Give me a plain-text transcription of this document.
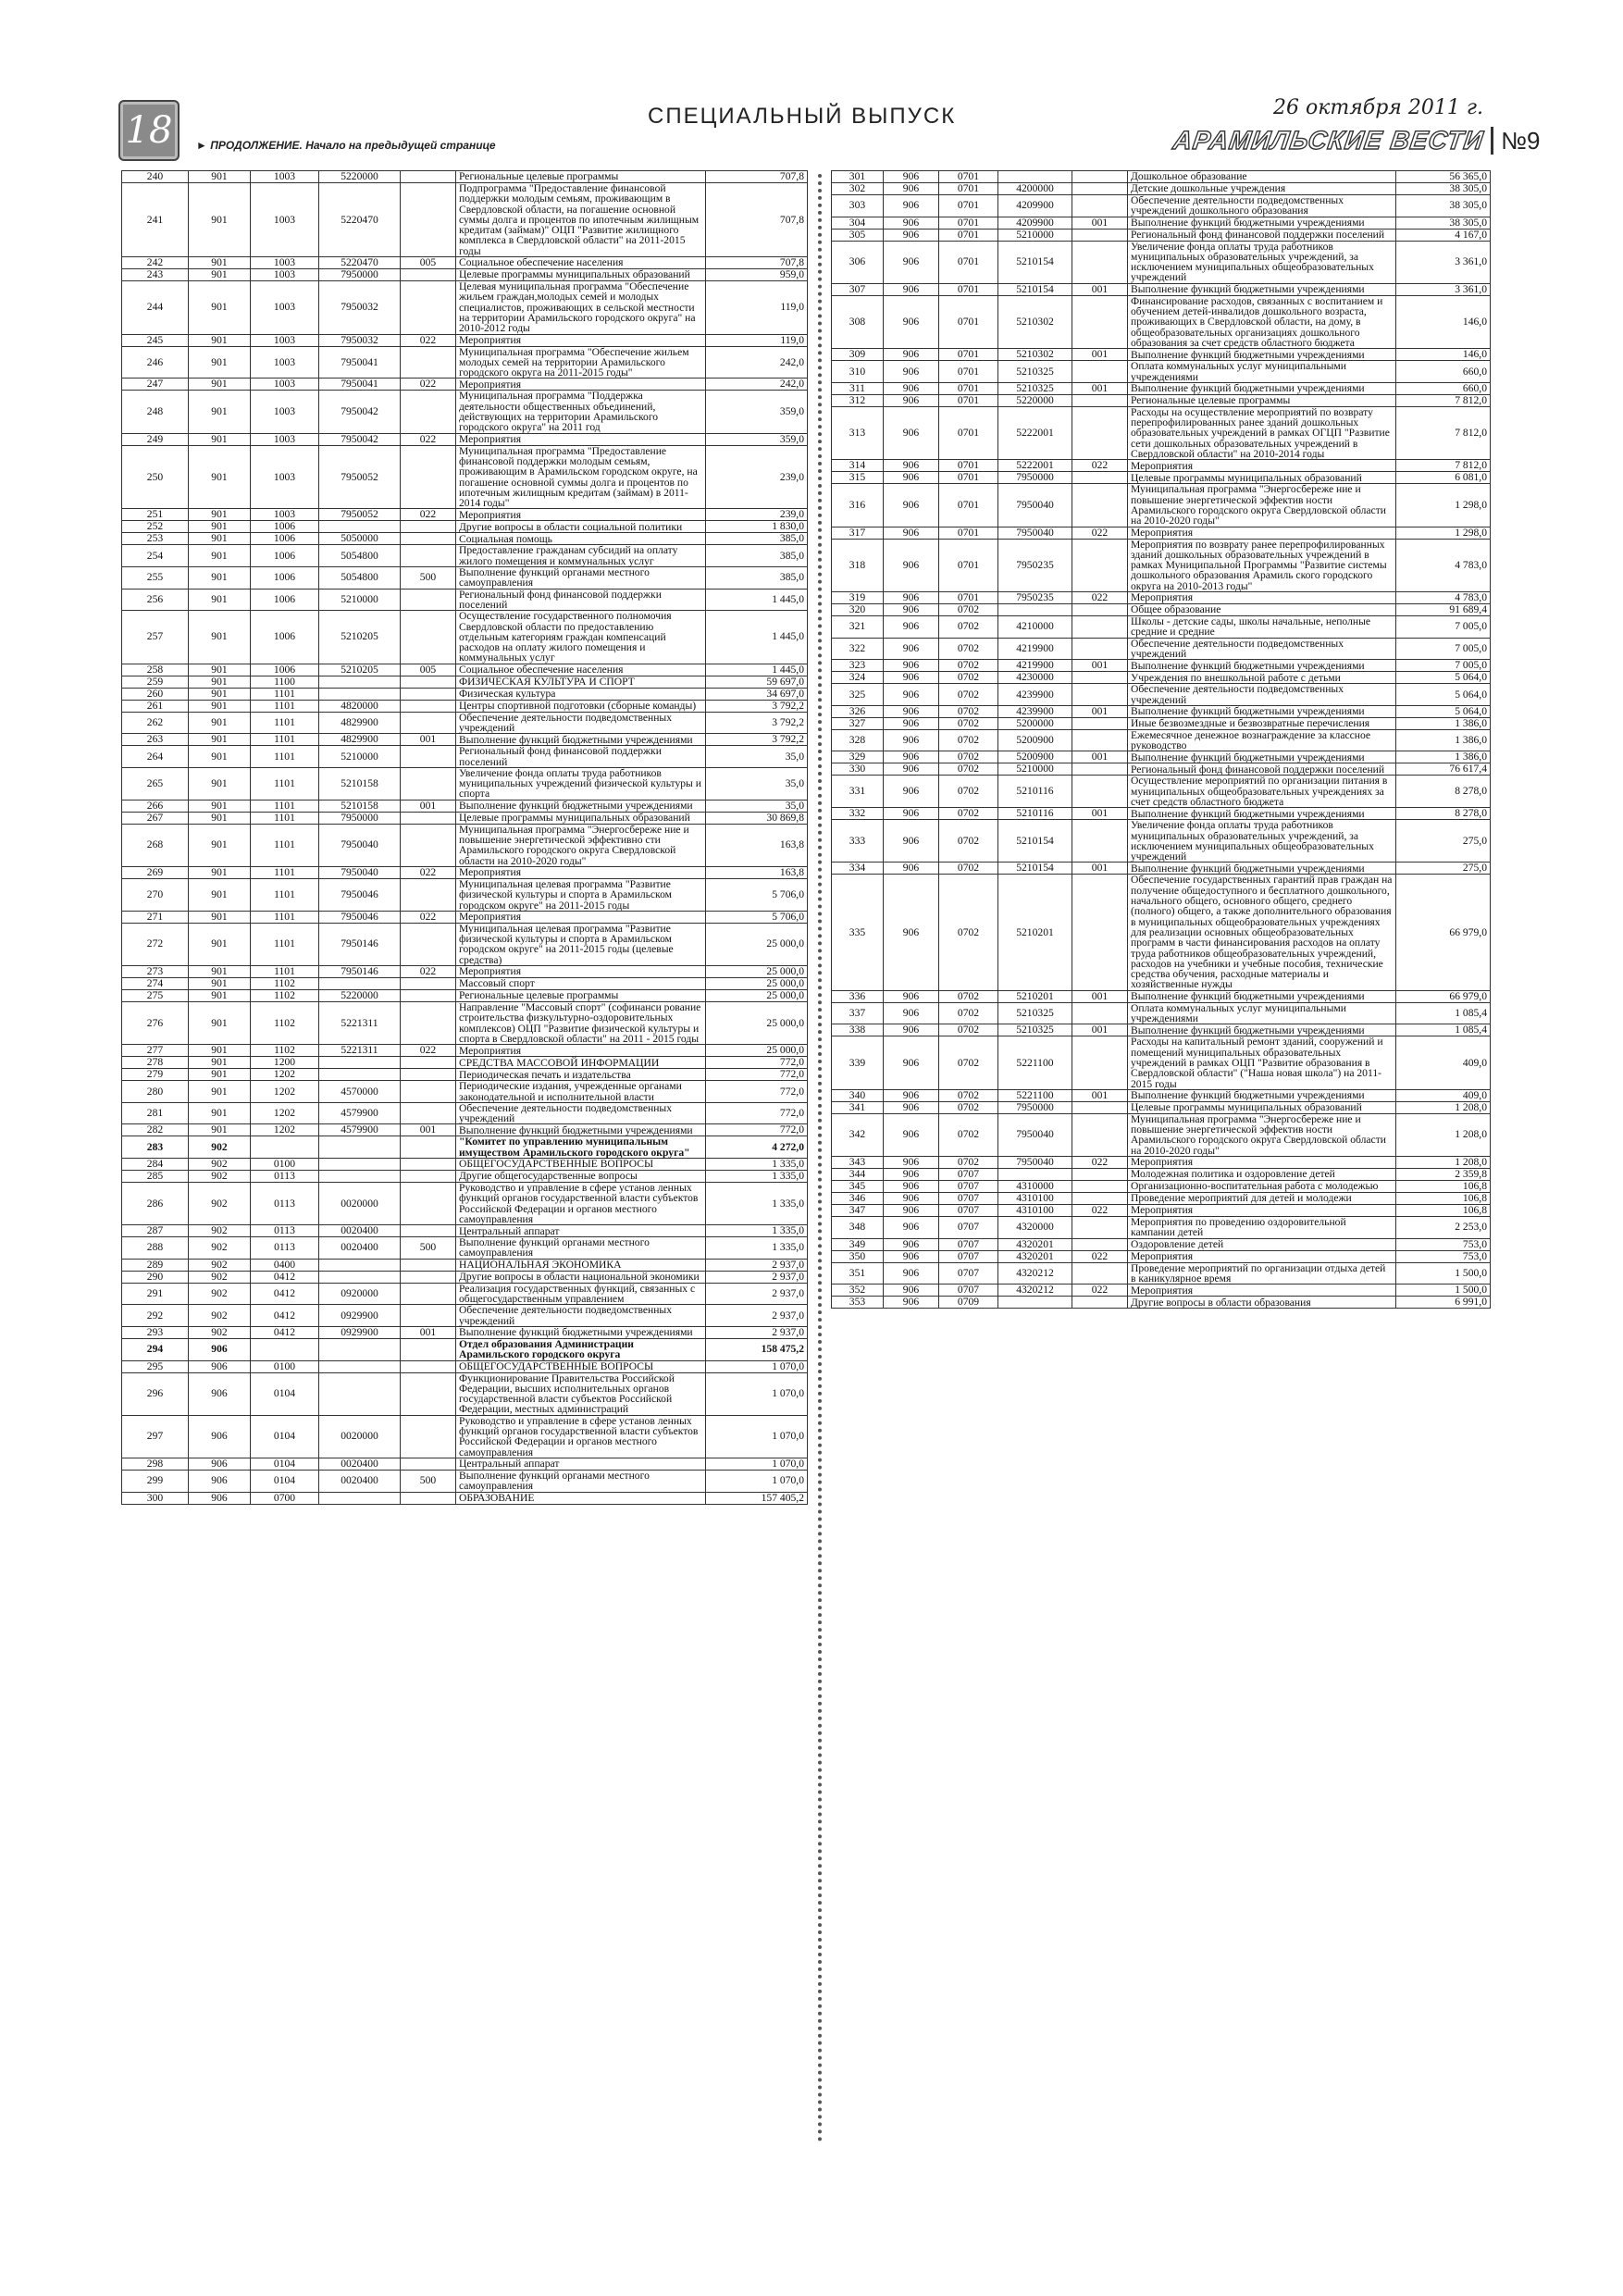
18	► ПРОДОЛЖЕНИЕ. Начало на предыдущей странице
СПЕЦИАЛЬНЫЙ ВЫПУСК	26 октября 2011 г.
АРАМИЛЬСКИЕ ВЕСТИ №9
240	901	1003	5220000		Региональные целевые программы	707,8
241	901	1003	5220470		Подпрограмма "Предоставление финансовой поддержки молодым семьям, проживающим в Свердловской области, на погашение основной суммы долга и процентов по ипотечным жилищным кредитам (займам)" ОЦП "Развитие жилищного комплекса в Свердловской области" на 2011-2015 годы	707,8
242	901	1003	5220470	005	Социальное обеспечение населения	707,8
243	901	1003	7950000		Целевые программы муниципальных образований	959,0
244	901	1003	7950032		Целевая муниципальная программа "Обеспечение жильем граждан,молодых семей и молодых специалистов, проживающих в сельской местности на территории Арамильского городского округа" на 2010-2012 годы	119,0
245	901	1003	7950032	022	Мероприятия	119,0
246	901	1003	7950041		Муниципальная программа "Обеспечение жильем молодых семей на территории Арамильского городского округа на 2011-2015 годы"	242,0
247	901	1003	7950041	022	Мероприятия	242,0
248	901	1003	7950042		Муниципальная программа "Поддержка деятельности общественных объединений, действующих на территории Арамильского городского округа" на 2011 год	359,0
249	901	1003	7950042	022	Мероприятия	359,0
250	901	1003	7950052		Муниципальная программа "Предоставление финансовой поддержки молодым семьям, проживающим в Арамильском городском округе, на погашение основной суммы долга и процентов по ипотечным жилищным кредитам (займам) в 2011-2014 годы"	239,0
251	901	1003	7950052	022	Мероприятия	239,0
252	901	1006			Другие вопросы в области социальной политики	1 830,0
253	901	1006	5050000		Социальная помощь	385,0
254	901	1006	5054800		Предоставление гражданам субсидий на оплату жилого помещения и коммунальных услуг	385,0
255	901	1006	5054800	500	Выполнение функций органами местного самоуправления	385,0
256	901	1006	5210000		Региональный фонд финансовой поддержки поселений	1 445,0
257	901	1006	5210205		Осуществление государственного полномочия Свердловской области по предоставлению отдельным категориям граждан компенсаций расходов на оплату жилого помещения и коммунальных услуг	1 445,0
258	901	1006	5210205	005	Социальное обеспечение населения	1 445,0
259	901	1100			ФИЗИЧЕСКАЯ КУЛЬТУРА И СПОРТ	59 697,0
260	901	1101			Физическая культура	34 697,0
261	901	1101	4820000		Центры спортивной подготовки (сборные команды)	3 792,2
262	901	1101	4829900		Обеспечение деятельности подведомственных учреждений	3 792,2
263	901	1101	4829900	001	Выполнение функций бюджетными учреждениями	3 792,2
264	901	1101	5210000		Региональный фонд финансовой поддержки поселений	35,0
265	901	1101	5210158		Увеличение фонда оплаты труда работников муниципальных учреждений физической культуры и спорта	35,0
266	901	1101	5210158	001	Выполнение функций бюджетными учреждениями	35,0
267	901	1101	7950000		Целевые программы муниципальных образований	30 869,8
268	901	1101	7950040		Муниципальная программа "Энергосбереже ние и повышение энергетической эффективно сти Арамильского городского округа Свердловской области на 2010-2020 годы"	163,8
269	901	1101	7950040	022	Мероприятия	163,8
270	901	1101	7950046		Муниципальная целевая программа "Развитие физической культуры и спорта в Арамильском городском округе" на 2011-2015 годы	5 706,0
271	901	1101	7950046	022	Мероприятия	5 706,0
272	901	1101	7950146		Муниципальная целевая программа "Развитие физической культуры и спорта в Арамильском городском округе" на 2011-2015 годы (целевые средства)	25 000,0
273	901	1101	7950146	022	Мероприятия	25 000,0
274	901	1102			Массовый спорт	25 000,0
275	901	1102	5220000		Региональные целевые программы	25 000,0
276	901	1102	5221311		Направление "Массовый спорт" (софинанси рование строительства физкультурно-оздоровительных комплексов) ОЦП "Развитие физической культуры и спорта в Свердловской области" на 2011 - 2015 годы	25 000,0
277	901	1102	5221311	022	Мероприятия	25 000,0
278	901	1200			СРЕДСТВА МАССОВОЙ ИНФОРМАЦИИ	772,0
279	901	1202			Периодическая печать и издательства	772,0
280	901	1202	4570000		Периодические издания, учрежденные органами законодательной и исполнительной власти	772,0
281	901	1202	4579900		Обеспечение деятельности подведомственных учреждений	772,0
282	901	1202	4579900	001	Выполнение функций бюджетными учреждениями	772,0
283	902				"Комитет по управлению муниципальным имуществом Арамильского городского округа"	4 272,0
284	902	0100			ОБЩЕГОСУДАРСТВЕННЫЕ ВОПРОСЫ	1 335,0
285	902	0113			Другие общегосударственные вопросы	1 335,0
286	902	0113	0020000		Руководство и управление в сфере установ ленных функций органов государственной власти субъектов Российской Федерации и органов местного самоуправления	1 335,0
287	902	0113	0020400		Центральный аппарат	1 335,0
288	902	0113	0020400	500	Выполнение функций органами местного самоуправления	1 335,0
289	902	0400			НАЦИОНАЛЬНАЯ ЭКОНОМИКА	2 937,0
290	902	0412			Другие вопросы в области национальной экономики	2 937,0
291	902	0412	0920000		Реализация государственных функций, связанных с общегосударственным управлением	2 937,0
292	902	0412	0929900		Обеспечение деятельности подведомственных учреждений	2 937,0
293	902	0412	0929900	001	Выполнение функций бюджетными учреждениями	2 937,0
294	906				Отдел образования Администрации Арамильского городского округа	158 475,2
295	906	0100			ОБЩЕГОСУДАРСТВЕННЫЕ ВОПРОСЫ	1 070,0
296	906	0104			Функционирование Правительства Российской Федерации, высших исполнительных органов государственной власти субъектов Российской Федерации, местных администраций	1 070,0
297	906	0104	0020000		Руководство и управление в сфере установ ленных функций органов государственной власти субъектов Российской Федерации и органов местного самоуправления	1 070,0
298	906	0104	0020400		Центральный аппарат	1 070,0
299	906	0104	0020400	500	Выполнение функций органами местного самоуправления	1 070,0
300	906	0700			ОБРАЗОВАНИЕ	157 405,2
301	906	0701			Дошкольное образование	56 365,0
302	906	0701	4200000		Детские дошкольные учреждения	38 305,0
303	906	0701	4209900		Обеспечение деятельности подведомственных учреждений дошкольного образования	38 305,0
304	906	0701	4209900	001	Выполнение функций бюджетными учреждениями	38 305,0
305	906	0701	5210000		Региональный фонд финансовой поддержки поселений	4 167,0
306	906	0701	5210154		Увеличение фонда оплаты труда работников муниципальных образовательных учреждений, за исключением муниципальных общеобразовательных учреждений	3 361,0
307	906	0701	5210154	001	Выполнение функций бюджетными учреждениями	3 361,0
308	906	0701	5210302		Финансирование расходов, связанных с воспитанием и обучением детей-инвалидов дошкольного возраста, проживающих в Свердловской области, на дому, в общеобразовательных организациях дошкольного образования за счет средств областного бюджета	146,0
309	906	0701	5210302	001	Выполнение функций бюджетными учреждениями	146,0
310	906	0701	5210325		Оплата коммунальных услуг муниципальными учреждениями	660,0
311	906	0701	5210325	001	Выполнение функций бюджетными учреждениями	660,0
312	906	0701	5220000		Региональные целевые программы	7 812,0
313	906	0701	5222001		Расходы на осуществление мероприятий по возврату перепрофилированных ранее зданий дошкольных образовательных учреждений в рамках ОГЦП "Развитие сети дошкольных образовательных учреждений в Свердловской области" на 2010-2014 годы	7 812,0
314	906	0701	5222001	022	Мероприятия	7 812,0
315	906	0701	7950000		Целевые программы муниципальных образований	6 081,0
316	906	0701	7950040		Муниципальная программа "Энергосбереже ние и повышение энергетической эффектив ности Арамильского городского округа Свердловской области на 2010-2020 годы"	1 298,0
317	906	0701	7950040	022	Мероприятия	1 298,0
318	906	0701	7950235		Мероприятия по возврату ранее перепрофилированных зданий дошкольных образовательных учреждений в рамках Муниципальной Программы "Развитие системы дошкольного образования Арамиль ского городского округа на 2010-2013 годы"	4 783,0
319	906	0701	7950235	022	Мероприятия	4 783,0
320	906	0702			Общее образование	91 689,4
321	906	0702	4210000		Школы - детские сады, школы начальные, неполные средние и средние	7 005,0
322	906	0702	4219900		Обеспечение деятельности подведомственных учреждений	7 005,0
323	906	0702	4219900	001	Выполнение функций бюджетными учреждениями	7 005,0
324	906	0702	4230000		Учреждения по внешкольной работе с детьми	5 064,0
325	906	0702	4239900		Обеспечение деятельности подведомственных учреждений	5 064,0
326	906	0702	4239900	001	Выполнение функций бюджетными учреждениями	5 064,0
327	906	0702	5200000		Иные безвозмездные и безвозвратные перечисления	1 386,0
328	906	0702	5200900		Ежемесячное денежное вознаграждение за классное руководство	1 386,0
329	906	0702	5200900	001	Выполнение функций бюджетными учреждениями	1 386,0
330	906	0702	5210000		Региональный фонд финансовой поддержки поселений	76 617,4
331	906	0702	5210116		Осуществление мероприятий по организации питания в муниципальных общеобразовательных учреждениях за счет средств областного бюджета	8 278,0
332	906	0702	5210116	001	Выполнение функций бюджетными учреждениями	8 278,0
333	906	0702	5210154		Увеличение фонда оплаты труда работников муниципальных образовательных учреждений, за исключением муниципальных общеобразовательных учреждений	275,0
334	906	0702	5210154	001	Выполнение функций бюджетными учреждениями	275,0
335	906	0702	5210201		Обеспечение государственных гарантий прав граждан на получение общедоступного и бесплатного дошкольного, начального общего, основного общего, среднего (полного) общего, а также дополнительного образования в муниципальных общеобразовательных учреждениях для реализации основных общеобразовательных программ в части финансирования расходов на оплату труда работников общеобразовательных учреждений, расходов на учебники и учебные пособия, технические средства обучения, расходные материалы и хозяйственные нужды	66 979,0
336	906	0702	5210201	001	Выполнение функций бюджетными учреждениями	66 979,0
337	906	0702	5210325		Оплата коммунальных услуг муниципальными учреждениями	1 085,4
338	906	0702	5210325	001	Выполнение функций бюджетными учреждениями	1 085,4
339	906	0702	5221100		Расходы на капитальный ремонт зданий, сооружений и помещений муниципальных образовательных учреждений в рамках ОЦП "Развитие образования в Свердловской области" ("Наша новая школа") на 2011-2015 годы	409,0
340	906	0702	5221100	001	Выполнение функций бюджетными учреждениями	409,0
341	906	0702	7950000		Целевые программы муниципальных образований	1 208,0
342	906	0702	7950040		Муниципальная программа "Энергосбереже ние и повышение энергетической эффектив ности Арамильского городского округа Свердловской области на 2010-2020 годы"	1 208,0
343	906	0702	7950040	022	Мероприятия	1 208,0
344	906	0707			Молодежная политика и оздоровление детей	2 359,8
345	906	0707	4310000		Организационно-воспитательная работа с молодежью	106,8
346	906	0707	4310100		Проведение мероприятий для детей и молодежи	106,8
347	906	0707	4310100	022	Мероприятия	106,8
348	906	0707	4320000		Мероприятия по проведению оздоровительной кампании детей	2 253,0
349	906	0707	4320201		Оздоровление детей	753,0
350	906	0707	4320201	022	Мероприятия	753,0
351	906	0707	4320212		Проведение мероприятий по организации отдыха детей в каникулярное время	1 500,0
352	906	0707	4320212	022	Мероприятия	1 500,0
353	906	0709			Другие вопросы в области образования	6 991,0
